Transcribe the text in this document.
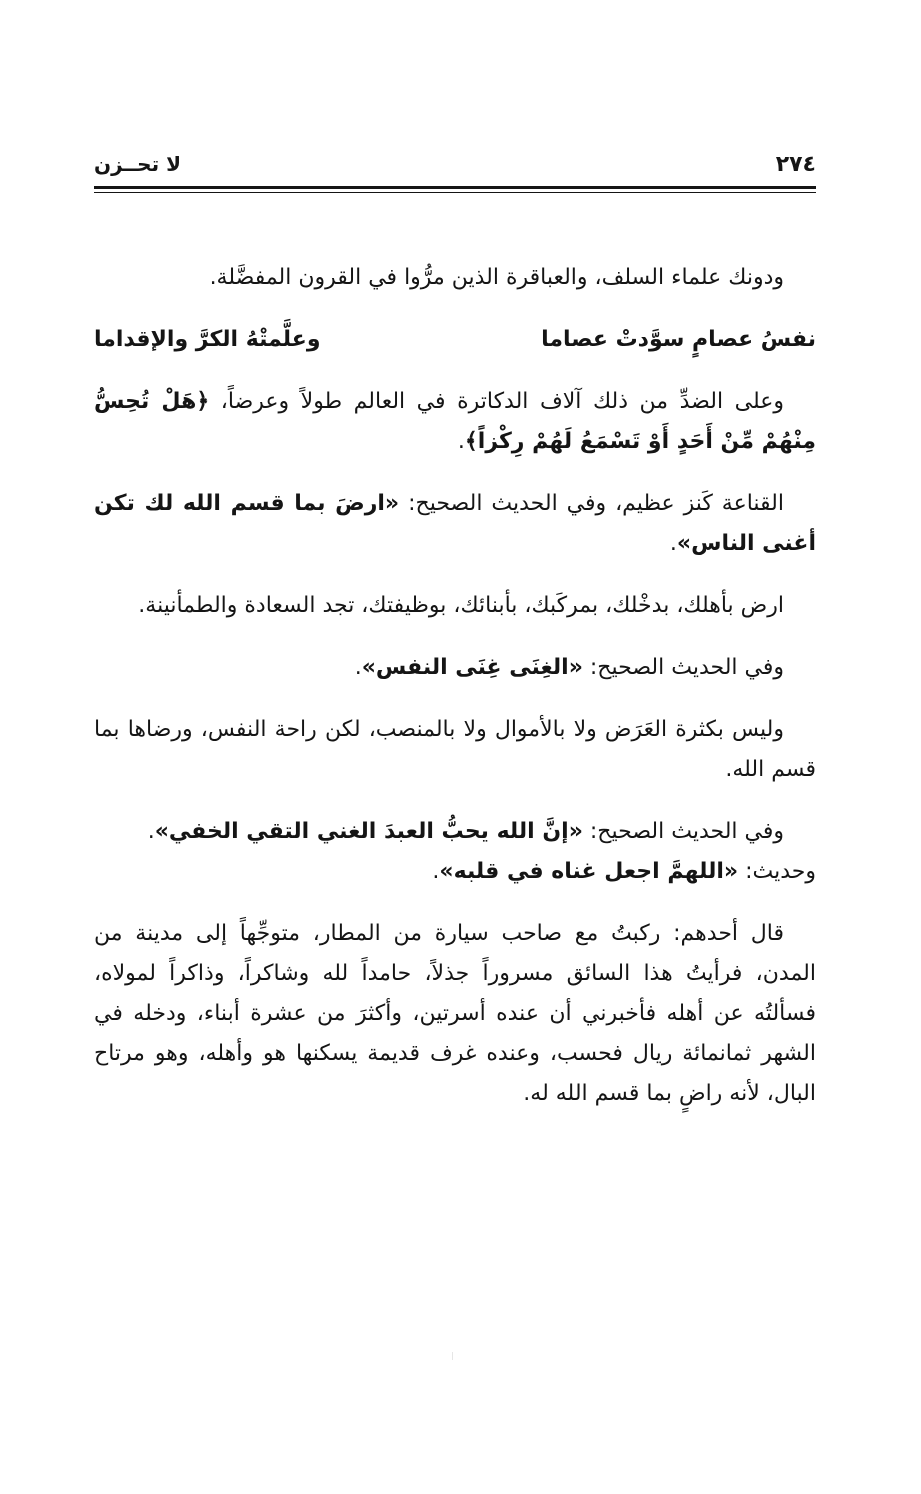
٢٧٤
لا تحــزن

ودونك علماء السلف، والعباقرة الذين مرُّوا في القرون المفضَّلة.

نفسُ عصامٍ سوَّدتْ عصاما
وعلَّمتْهُ الكرَّ والإقداما

وعلى الضدِّ من ذلك آلاف الدكاترة في العالم طولاً وعرضاً، ﴿هَلْ تُحِسُّ مِنْهُمْ مِّنْ أَحَدٍ أَوْ تَسْمَعُ لَهُمْ رِكْزاً﴾.

القناعة كَنز عظيم، وفي الحديث الصحيح: «ارضَ بما قسم الله لك تكن أغنى الناس».

ارض بأهلك، بدخْلك، بمركَبك، بأبنائك، بوظيفتك، تجد السعادة والطمأنينة.

وفي الحديث الصحيح: «الغِنَى غِنَى النفس».

وليس بكثرة العَرَض ولا بالأموال ولا بالمنصب، لكن راحة النفس، ورضاها بما قسم الله.

وفي الحديث الصحيح: «إنَّ الله يحبُّ العبدَ الغني التقي الخفي».

وحديث: «اللهمَّ اجعل غناه في قلبه».

قال أحدهم: ركبتُ مع صاحب سيارة من المطار، متوجِّهاً إلى مدينة من المدن، فرأيتُ هذا السائق مسروراً جذلاً، حامداً لله وشاكراً، وذاكراً لمولاه، فسألتُه عن أهله فأخبرني أن عنده أسرتين، وأكثرَ من عشرة أبناء، ودخله في الشهر ثمانمائة ريال فحسب، وعنده غرف قديمة يسكنها هو وأهله، وهو مرتاح البال، لأنه راضٍ بما قسم الله له.
